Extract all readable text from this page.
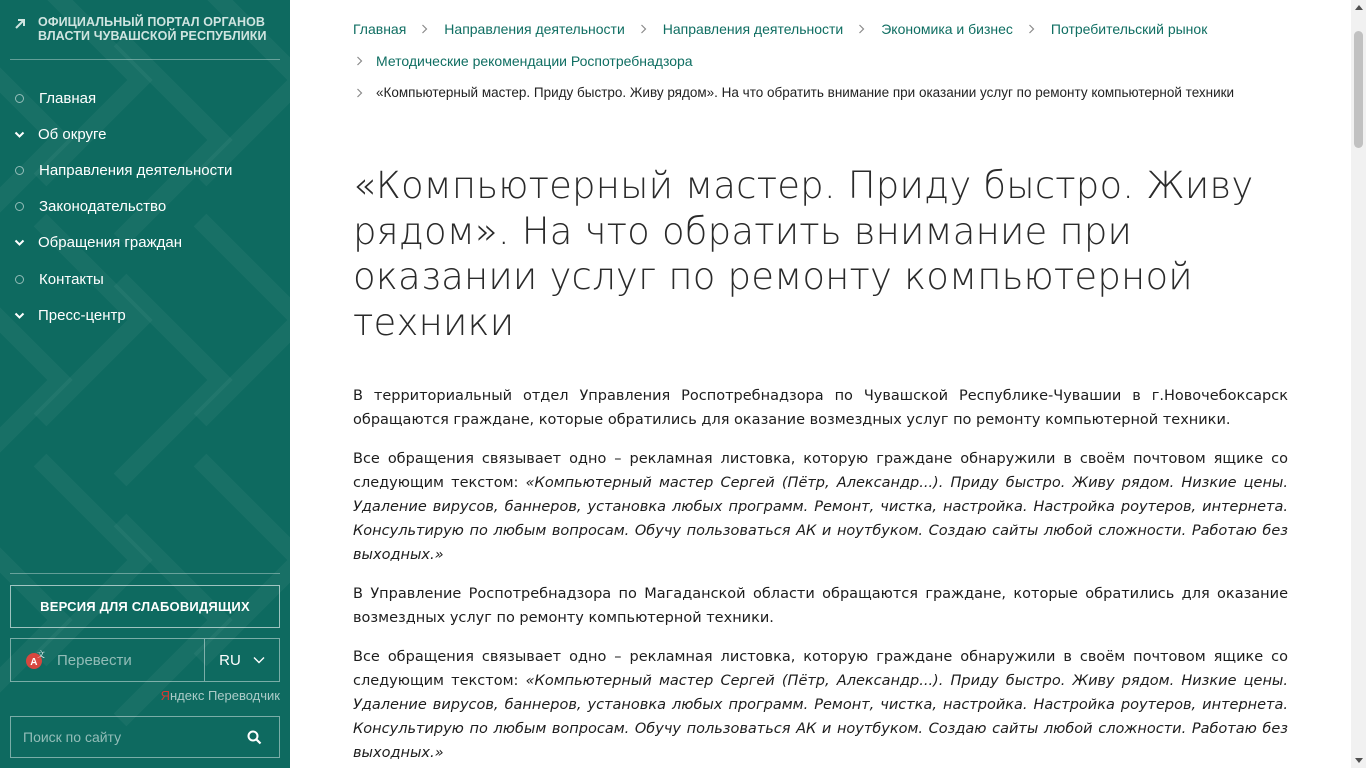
ОФИЦИАЛЬНЫЙ ПОРТАЛ ОРГАНОВ ВЛАСТИ ЧУВАШСКОЙ РЕСПУБЛИКИ
Главная
Об округе
Направления деятельности
Законодательство
Обращения граждан
Контакты
Пресс-центр
ВЕРСИЯ ДЛЯ СЛАБОВИДЯЩИХ
A
文 Перевести	RU
Яндекс Переводчик
Поиск по сайту
Главная	Направления деятельности	Направления деятельности	Экономика и бизнес	Потребительский рынок
Методические рекомендации Роспотребнадзора
«Компьютерный мастер. Приду быстро. Живу рядом». На что обратить внимание при оказании услуг по ремонту компьютерной техники
«Компьютерный мастер. Приду быстро. Живу рядом». На что обратить внимание при оказании услуг по ремонту компьютерной техники

В территориальный отдел Управления Роспотребнадзора по Чувашской Республике-Чувашии в г.Новочебоксарск обращаются граждане, которые обратились для оказание возмездных услуг по ремонту компьютерной техники.

Все обращения связывает одно – рекламная листовка, которую граждане обнаружили в своём почтовом ящике со следующим текстом: «Компьютерный мастер Сергей (Пётр, Александр...). Приду быстро. Живу рядом. Низкие цены. Удаление вирусов, баннеров, установка любых программ. Ремонт, чистка, настройка. Настройка роутеров, интернета. Консультирую по любым вопросам. Обучу пользоваться АК и ноутбуком. Создаю сайты любой сложности. Работаю без выходных.»

В Управление Роспотребнадзора по Магаданской области обращаются граждане, которые обратились для оказание возмездных услуг по ремонту компьютерной техники.

Все обращения связывает одно – рекламная листовка, которую граждане обнаружили в своём почтовом ящике со следующим текстом: «Компьютерный мастер Сергей (Пётр, Александр...). Приду быстро. Живу рядом. Низкие цены. Удаление вирусов, баннеров, установка любых программ. Ремонт, чистка, настройка. Настройка роутеров, интернета. Консультирую по любым вопросам. Обучу пользоваться АК и ноутбуком. Создаю сайты любой сложности. Работаю без выходных.»
